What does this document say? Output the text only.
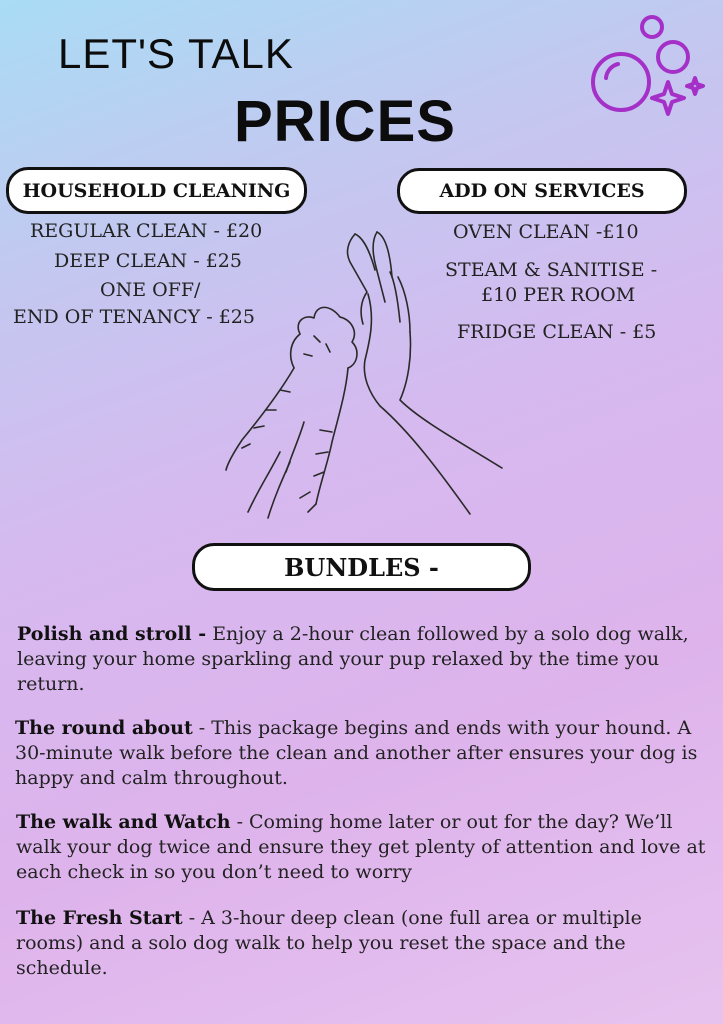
LET'S TALK
PRICES
HOUSEHOLD CLEANING
REGULAR CLEAN - £20
DEEP CLEAN - £25
ONE OFF/
END OF TENANCY - £25
ADD ON SERVICES
OVEN CLEAN -£10
STEAM & SANITISE -
£10 PER ROOM
FRIDGE CLEAN - £5
BUNDLES -
Polish and stroll - Enjoy a 2-hour clean followed by a solo dog walk, leaving your home sparkling and your pup relaxed by the time you return.
The round about - This package begins and ends with your hound. A 30-minute walk before the clean and another after ensures your dog is happy and calm throughout.
The walk and Watch - Coming home later or out for the day? We’ll walk your dog twice and ensure they get plenty of attention and love at each check in so you don’t need to worry
The Fresh Start - A 3-hour deep clean (one full area or multiple rooms) and a solo dog walk to help you reset the space and the schedule.
